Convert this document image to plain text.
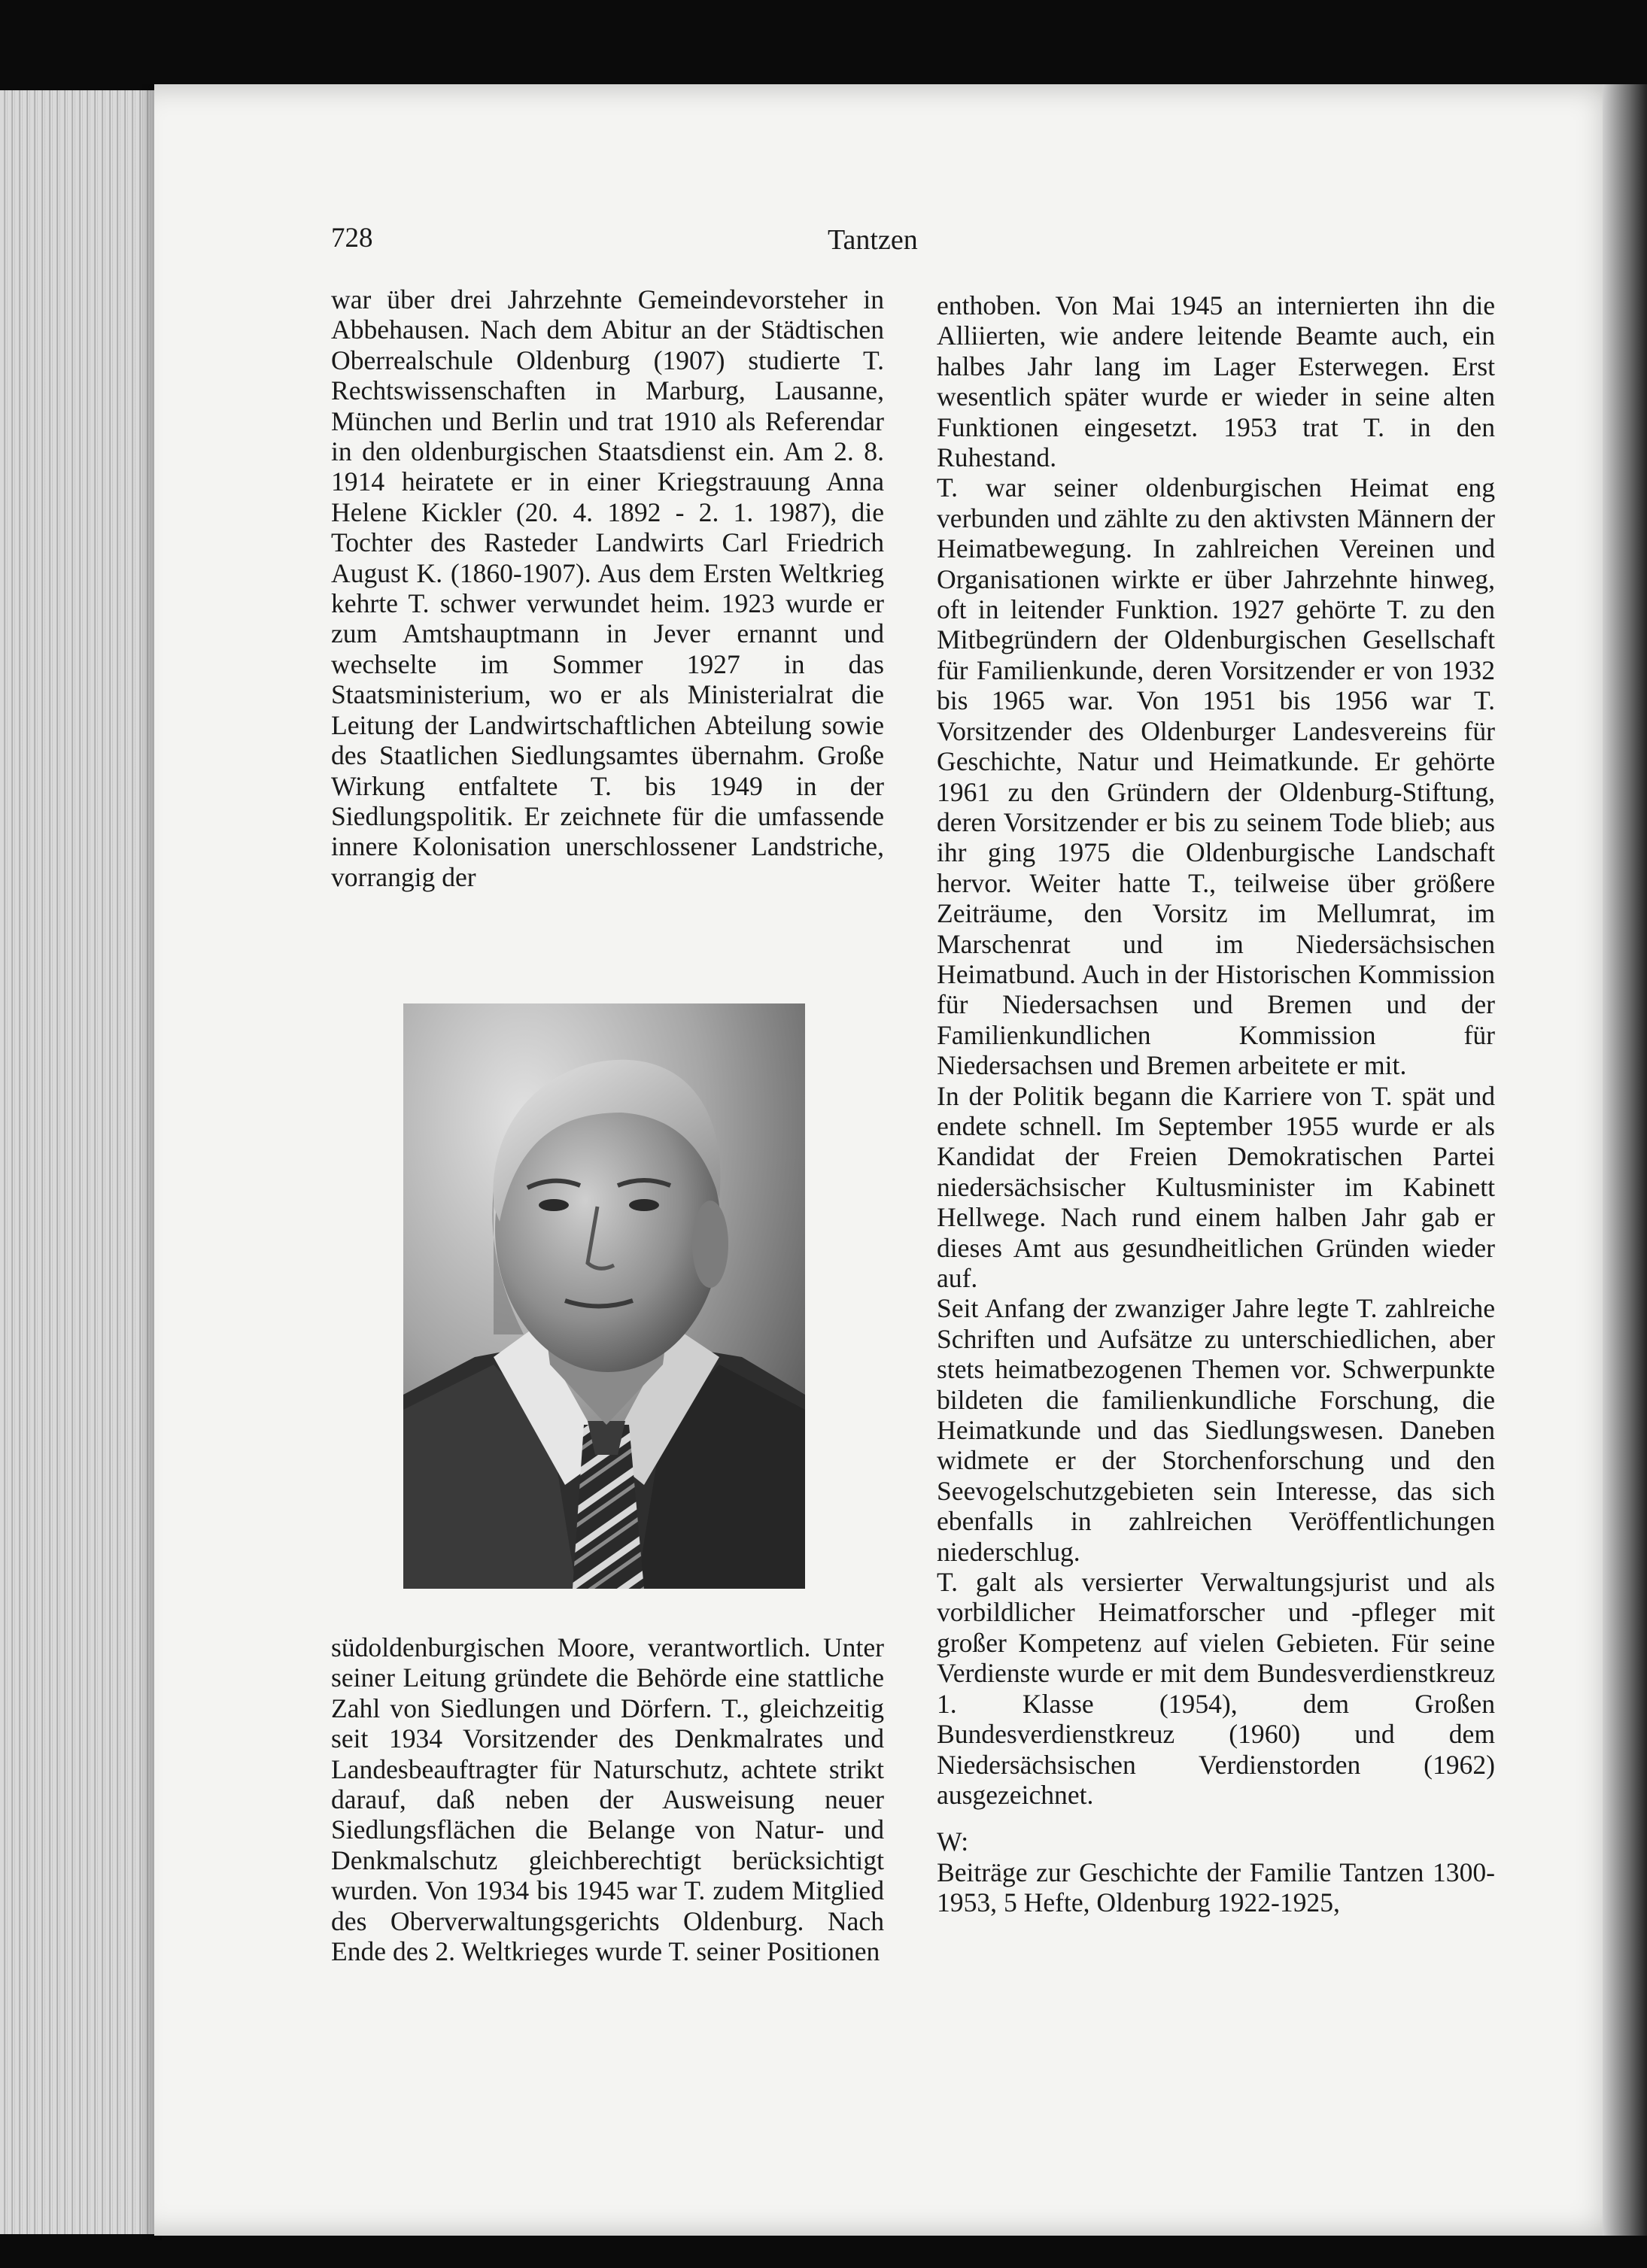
728	Tantzen

war über drei Jahrzehnte Gemeindevorsteher in Abbehausen. Nach dem Abitur an der Städtischen Oberrealschule Oldenburg (1907) studierte T. Rechtswissenschaften in Marburg, Lausanne, München und Berlin und trat 1910 als Referendar in den oldenburgischen Staatsdienst ein. Am 2. 8. 1914 heiratete er in einer Kriegstrauung Anna Helene Kickler (20. 4. 1892 - 2. 1. 1987), die Tochter des Rasteder Landwirts Carl Friedrich August K. (1860-1907). Aus dem Ersten Weltkrieg kehrte T. schwer verwundet heim. 1923 wurde er zum Amtshauptmann in Jever ernannt und wechselte im Sommer 1927 in das Staatsministerium, wo er als Ministerialrat die Leitung der Landwirtschaftlichen Abteilung sowie des Staatlichen Siedlungsamtes übernahm. Große Wirkung entfaltete T. bis 1949 in der Siedlungspolitik. Er zeichnete für die umfassende innere Kolonisation unerschlossener Landstriche, vorrangig der

südoldenburgischen Moore, verantwortlich. Unter seiner Leitung gründete die Behörde eine stattliche Zahl von Siedlungen und Dörfern. T., gleichzeitig seit 1934 Vorsitzender des Denkmalrates und Landesbeauftragter für Naturschutz, achtete strikt darauf, daß neben der Ausweisung neuer Siedlungsflächen die Belange von Natur- und Denkmalschutz gleichberechtigt berücksichtigt wurden. Von 1934 bis 1945 war T. zudem Mitglied des Oberverwaltungsgerichts Oldenburg. Nach Ende des 2. Weltkrieges wurde T. seiner Positionen

enthoben. Von Mai 1945 an internierten ihn die Alliierten, wie andere leitende Beamte auch, ein halbes Jahr lang im Lager Esterwegen. Erst wesentlich später wurde er wieder in seine alten Funktionen eingesetzt. 1953 trat T. in den Ruhestand.

T. war seiner oldenburgischen Heimat eng verbunden und zählte zu den aktivsten Männern der Heimatbewegung. In zahlreichen Vereinen und Organisationen wirkte er über Jahrzehnte hinweg, oft in leitender Funktion. 1927 gehörte T. zu den Mitbegründern der Oldenburgischen Gesellschaft für Familienkunde, deren Vorsitzender er von 1932 bis 1965 war. Von 1951 bis 1956 war T. Vorsitzender des Oldenburger Landesvereins für Geschichte, Natur und Heimatkunde. Er gehörte 1961 zu den Gründern der Oldenburg-Stiftung, deren Vorsitzender er bis zu seinem Tode blieb; aus ihr ging 1975 die Oldenburgische Landschaft hervor. Weiter hatte T., teilweise über größere Zeiträume, den Vorsitz im Mellumrat, im Marschenrat und im Niedersächsischen Heimatbund. Auch in der Historischen Kommission für Niedersachsen und Bremen und der Familienkundlichen Kommission für Niedersachsen und Bremen arbeitete er mit.

In der Politik begann die Karriere von T. spät und endete schnell. Im September 1955 wurde er als Kandidat der Freien Demokratischen Partei niedersächsischer Kultusminister im Kabinett Hellwege. Nach rund einem halben Jahr gab er dieses Amt aus gesundheitlichen Gründen wieder auf.

Seit Anfang der zwanziger Jahre legte T. zahlreiche Schriften und Aufsätze zu unterschiedlichen, aber stets heimatbezogenen Themen vor. Schwerpunkte bildeten die familienkundliche Forschung, die Heimatkunde und das Siedlungswesen. Daneben widmete er der Storchenforschung und den Seevogelschutzgebieten sein Interesse, das sich ebenfalls in zahlreichen Veröffentlichungen niederschlug.

T. galt als versierter Verwaltungsjurist und als vorbildlicher Heimatforscher und -pfleger mit großer Kompetenz auf vielen Gebieten. Für seine Verdienste wurde er mit dem Bundesverdienstkreuz 1. Klasse (1954), dem Großen Bundesverdienstkreuz (1960) und dem Niedersächsischen Verdienstorden (1962) ausgezeichnet.

W:

Beiträge zur Geschichte der Familie Tantzen 1300-1953, 5 Hefte, Oldenburg 1922-1925,
